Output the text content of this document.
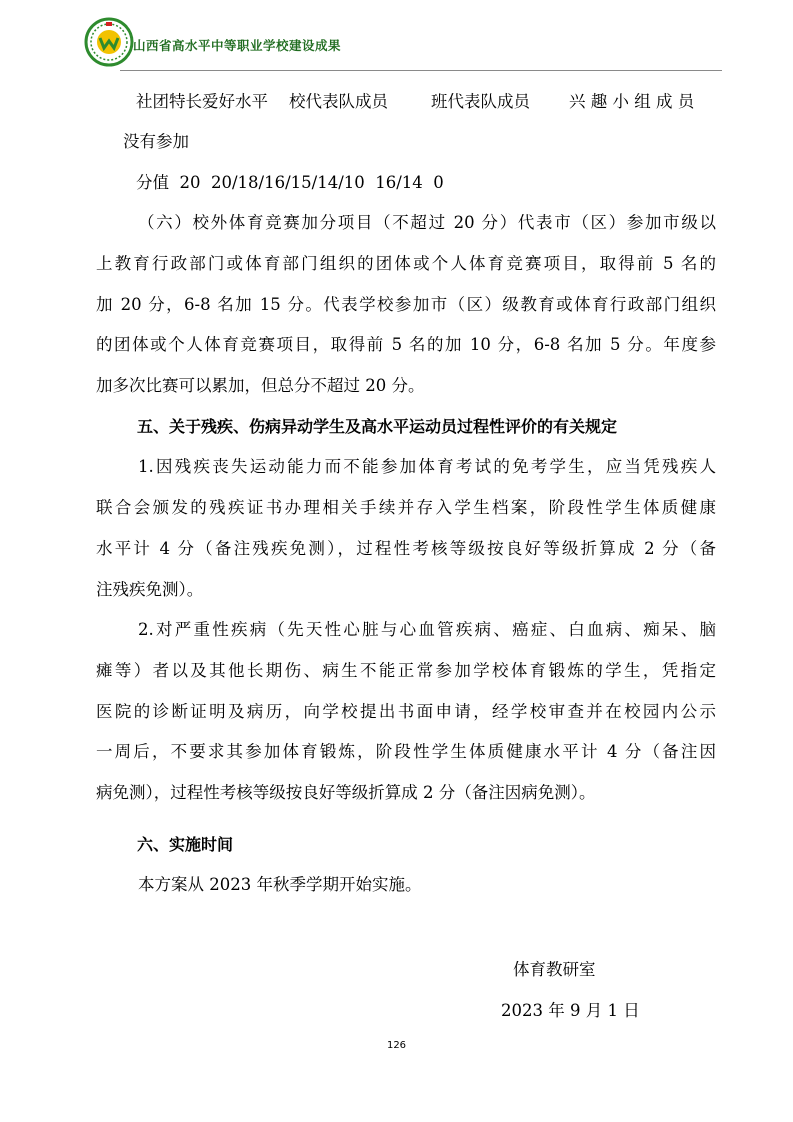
山西省高水平中等职业学校建设成果
社团特长爱好水平 校代表队成员	班代表队成员 兴 趣 小 组 成 员
没有参加
分值  20  20/18/16/15/14/10  16/14  0
（六）校外体育竞赛加分项目（不超过 20 分）代表市（区）参加市级以
上教育行政部门或体育部门组织的团体或个人体育竞赛项目，取得前 5 名的
加 20 分，6-8 名加 15 分。代表学校参加市（区）级教育或体育行政部门组织
的团体或个人体育竞赛项目，取得前 5 名的加 10 分，6-8 名加 5 分。年度参
加多次比赛可以累加，但总分不超过 20 分。
五、关于残疾、伤病异动学生及高水平运动员过程性评价的有关规定
1.因残疾丧失运动能力而不能参加体育考试的免考学生，应当凭残疾人
联合会颁发的残疾证书办理相关手续并存入学生档案，阶段性学生体质健康
水平计 4 分（备注残疾免测），过程性考核等级按良好等级折算成 2 分（备
注残疾免测）。
2.对严重性疾病（先天性心脏与心血管疾病、癌症、白血病、痴呆、脑
瘫等）者以及其他长期伤、病生不能正常参加学校体育锻炼的学生，凭指定
医院的诊断证明及病历，向学校提出书面申请，经学校审查并在校园内公示
一周后，不要求其参加体育锻炼，阶段性学生体质健康水平计 4 分（备注因
病免测），过程性考核等级按良好等级折算成 2 分（备注因病免测）。
六、实施时间
本方案从 2023 年秋季学期开始实施。
体育教研室
2023 年 9 月 1 日
126
